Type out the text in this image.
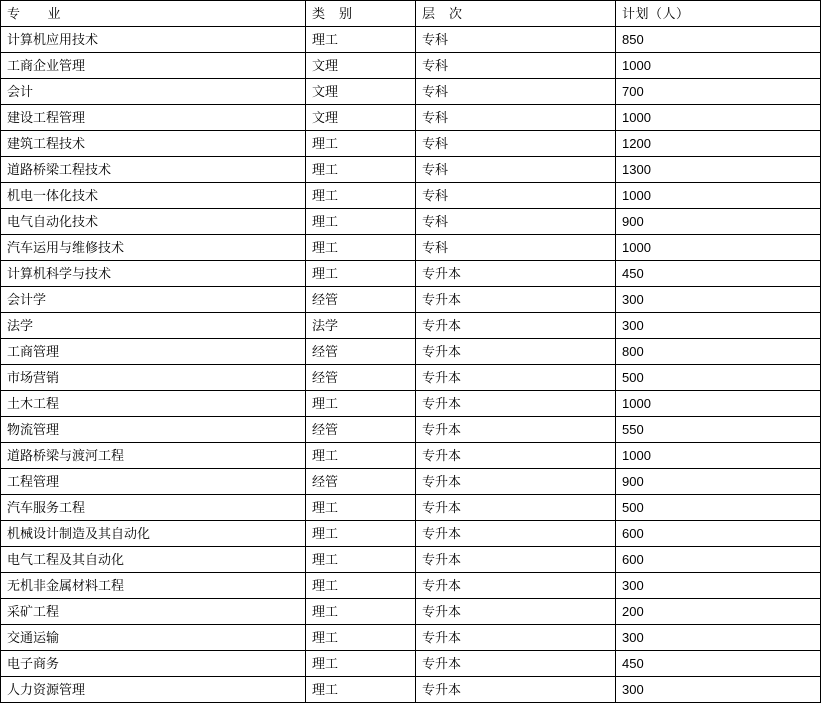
专　　业	类　别	层　次	计划（人）
计算机应用技术	理工	专科	850
工商企业管理	文理	专科	1000
会计	文理	专科	700
建设工程管理	文理	专科	1000
建筑工程技术	理工	专科	1200
道路桥梁工程技术	理工	专科	1300
机电一体化技术	理工	专科	1000
电气自动化技术	理工	专科	900
汽车运用与维修技术	理工	专科	1000
计算机科学与技术	理工	专升本	450
会计学	经管	专升本	300
法学	法学	专升本	300
工商管理	经管	专升本	800
市场营销	经管	专升本	500
土木工程	理工	专升本	1000
物流管理	经管	专升本	550
道路桥梁与渡河工程	理工	专升本	1000
工程管理	经管	专升本	900
汽车服务工程	理工	专升本	500
机械设计制造及其自动化	理工	专升本	600
电气工程及其自动化	理工	专升本	600
无机非金属材料工程	理工	专升本	300
采矿工程	理工	专升本	200
交通运输	理工	专升本	300
电子商务	理工	专升本	450
人力资源管理	理工	专升本	300
